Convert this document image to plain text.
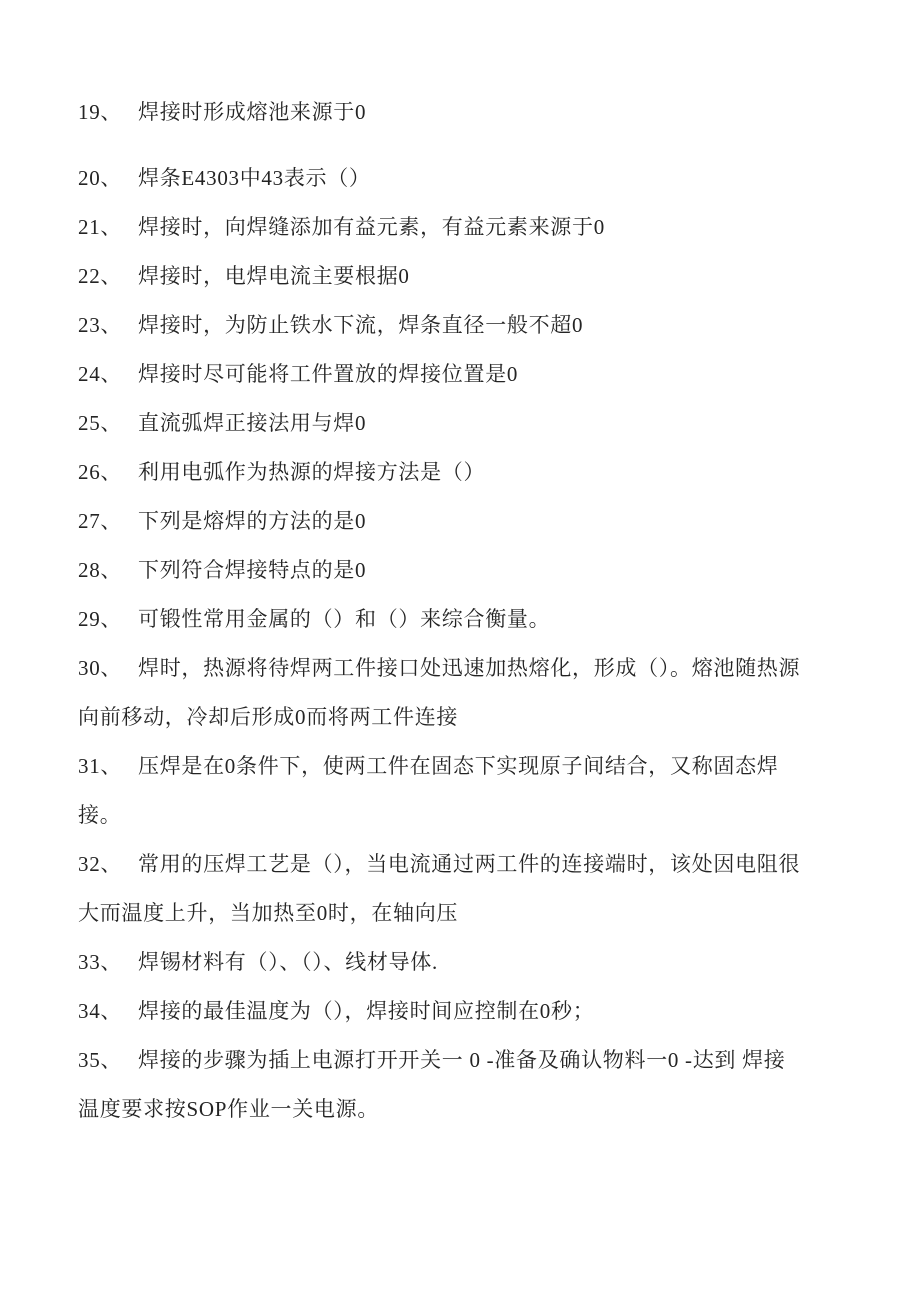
19、 焊接时形成熔池来源于0
20、 焊条E4303中43表示（）
21、 焊接时，向焊缝添加有益元素，有益元素来源于0
22、 焊接时，电焊电流主要根据0
23、 焊接时，为防止铁水下流，焊条直径一般不超0
24、 焊接时尽可能将工件置放的焊接位置是0
25、 直流弧焊正接法用与焊0
26、 利用电弧作为热源的焊接方法是（）
27、 下列是熔焊的方法的是0
28、 下列符合焊接特点的是0
29、 可锻性常用金属的（）和（）来综合衡量。
30、 焊时，热源将待焊两工件接口处迅速加热熔化，形成（）。熔池随热源
向前移动，冷却后形成0而将两工件连接
31、 压焊是在0条件下，使两工件在固态下实现原子间结合，又称固态焊
接。
32、 常用的压焊工艺是（），当电流通过两工件的连接端时，该处因电阻很
大而温度上升，当加热至0时，在轴向压
33、 焊锡材料有（）、（）、线材导体.
34、 焊接的最佳温度为（），焊接时间应控制在0秒；
35、 焊接的步骤为插上电源打开开关一 0 -准备及确认物料一0 -达到 焊接
温度要求按SOP作业一关电源。
